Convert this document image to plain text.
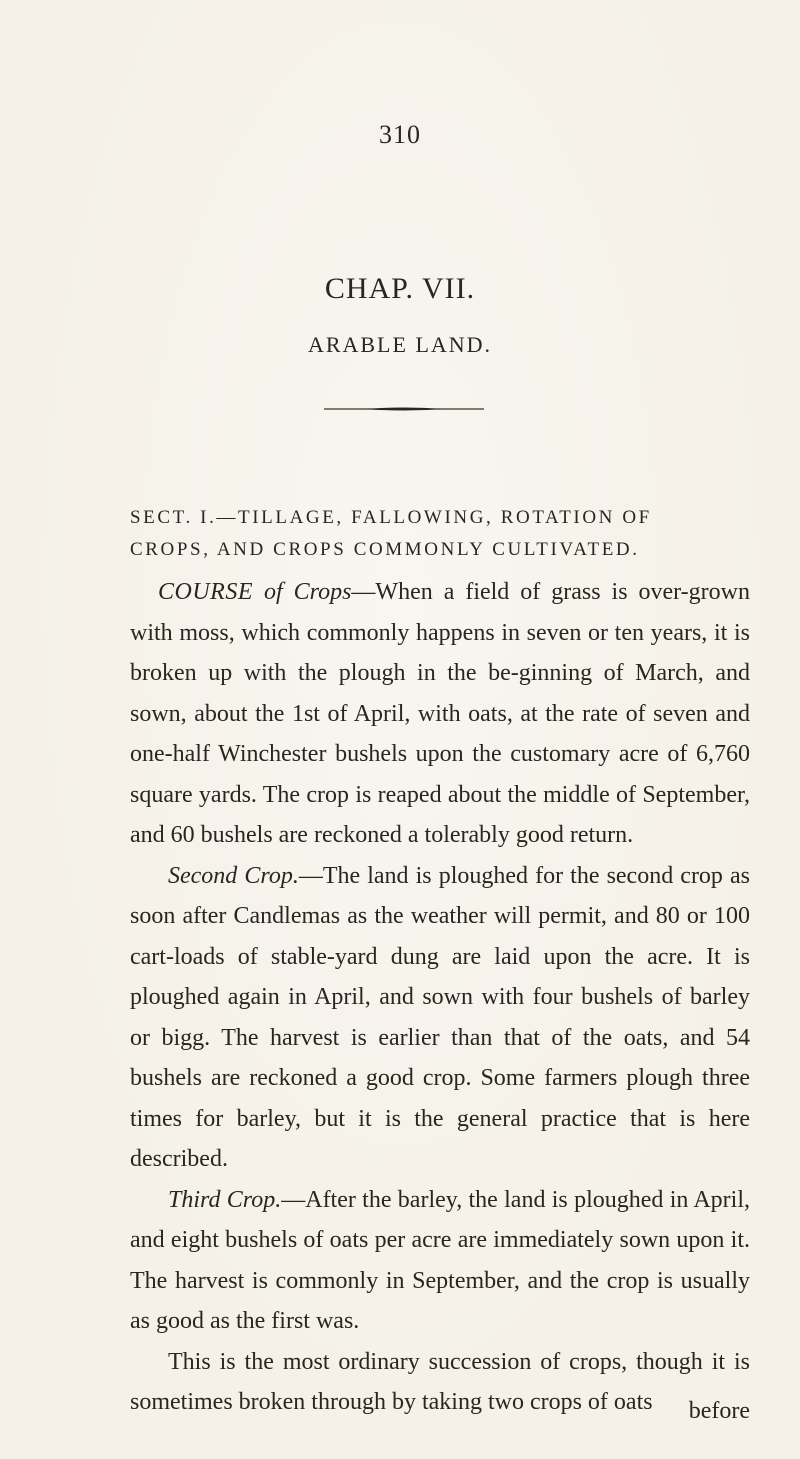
310
CHAP. VII.
ARABLE LAND.
SECT. I.—TILLAGE, FALLOWING, ROTATION OF
CROPS, AND CROPS COMMONLY CULTIVATED.

COURSE of Crops—When a field of grass is over-grown with moss, which commonly happens in seven or ten years, it is broken up with the plough in the be-ginning of March, and sown, about the 1st of April, with oats, at the rate of seven and one-half Winchester bushels upon the customary acre of 6,760 square yards. The crop is reaped about the middle of September, and 60 bushels are reckoned a tolerably good return.

Second Crop.—The land is ploughed for the second crop as soon after Candlemas as the weather will permit, and 80 or 100 cart-loads of stable-yard dung are laid upon the acre. It is ploughed again in April, and sown with four bushels of barley or bigg. The harvest is earlier than that of the oats, and 54 bushels are reckoned a good crop. Some farmers plough three times for barley, but it is the general practice that is here described.

Third Crop.—After the barley, the land is ploughed in April, and eight bushels of oats per acre are immediately sown upon it. The harvest is commonly in September, and the crop is usually as good as the first was.

This is the most ordinary succession of crops, though it is sometimes broken through by taking two crops of oats	before
